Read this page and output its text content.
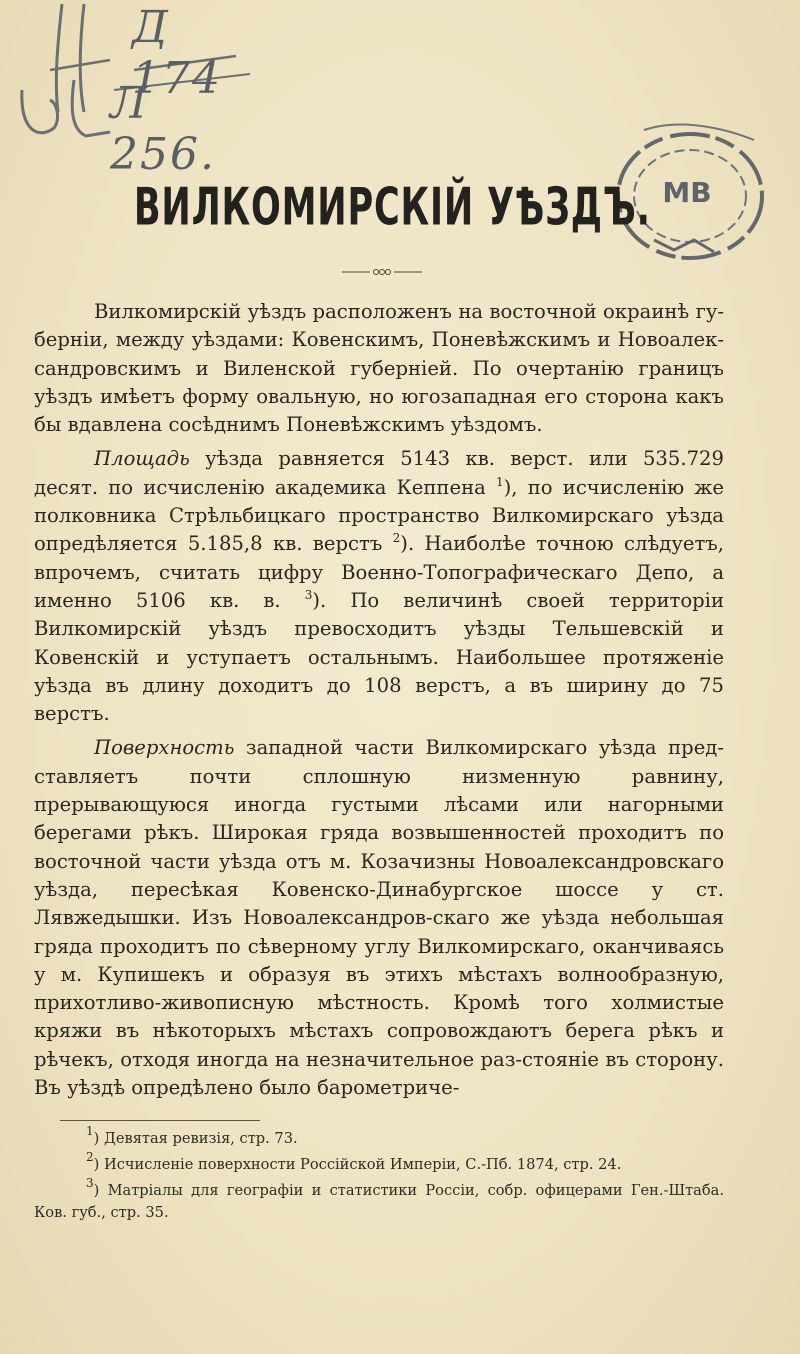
Д 174
Л 256.
МВ
ВИЛКОМИРСКІЙ УѢЗДЪ.

Вилкомирскій уѣздъ расположенъ на восточной окраинѣ гу-берніи, между уѣздами: Ковенскимъ, Поневѣжскимъ и Новоалек-сандровскимъ и Виленской губерніей. По очертанію границъ уѣздъ имѣетъ форму овальную, но югозападная его сторона какъ бы вдавлена сосѣднимъ Поневѣжскимъ уѣздомъ.

Площадь уѣзда равняется 5143 кв. верст. или 535.729 десят. по исчисленію академика Кеппена $^1$), по исчисленію же полковника Стрѣльбицкаго пространство Вилкомирскаго уѣзда опредѣляется 5.185,8 кв. верстъ $^2$). Наиболѣе точною слѣдуетъ, впрочемъ, считать цифру Военно-Топографическаго Депо, а именно 5106 кв. в. $^3$). По величинѣ своей территоріи Вилкомирскій уѣздъ превосходитъ уѣзды Тельшевскій и Ковенскій и уступаетъ остальнымъ. Наибольшее протяженіе уѣзда въ длину доходитъ до 108 верстъ, а въ ширину до 75 верстъ.

Поверхность западной части Вилкомирскаго уѣзда пред-ставляетъ почти сплошную низменную равнину, прерывающуюся иногда густыми лѣсами или нагорными берегами рѣкъ. Широкая гряда возвышенностей проходитъ по восточной части уѣзда отъ м. Козачизны Новоалександровскаго уѣзда, пересѣкая Ковенско-Динабургское шоссе у ст. Лявжедышки. Изъ Новоалександров-скаго же уѣзда небольшая гряда проходитъ по сѣверному углу Вилкомирскаго, оканчиваясь у м. Купишекъ и образуя въ этихъ мѣстахъ волнообразную, прихотливо-живописную мѣстность. Кромѣ того холмистые кряжи въ нѣкоторыхъ мѣстахъ сопровождаютъ берега рѣкъ и рѣчекъ, отходя иногда на незначительное раз-стояніе въ сторону. Въ уѣздѣ опредѣлено было барометриче-

$^1$) Девятая ревизія, стр. 73.

$^2$) Исчисленіе поверхности Россійской Имперіи, С.-Пб. 1874, стр. 24.

$^3$) Матріалы для географіи и статистики Россіи, собр. офицерами Ген.-Штаба. Ков. губ., стр. 35.
